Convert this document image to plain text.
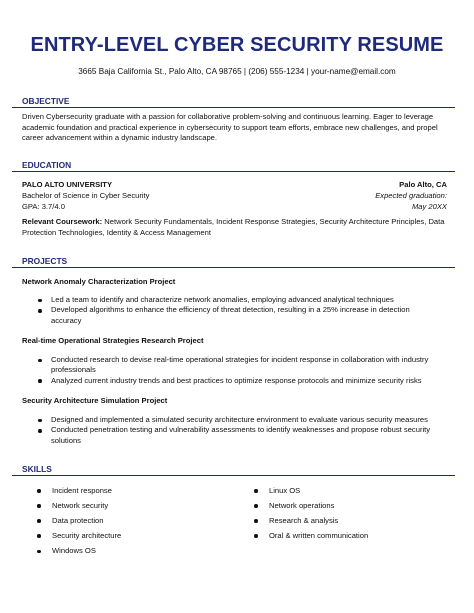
ENTRY-LEVEL CYBER SECURITY RESUME
3665 Baja California St., Palo Alto, CA 98765 | (206) 555-1234 | your-name@email.com
OBJECTIVE
Driven Cybersecurity graduate with a passion for collaborative problem-solving and continuous learning. Eager to leverage academic foundation and practical experience in cybersecurity to support team efforts, embrace new challenges, and propel career advancement within a dynamic industry landscape.
EDUCATION
PALO ALTO UNIVERSITY	Palo Alto, CA
Bachelor of Science in Cyber Security	Expected graduation:
GPA: 3.7/4.0	May 20XX
Relevant Coursework: Network Security Fundamentals, Incident Response Strategies, Security Architecture Principles, Data Protection Technologies, Identity & Access Management
PROJECTS
Network Anomaly Characterization Project
Led a team to identify and characterize network anomalies, employing advanced analytical techniques
Developed algorithms to enhance the efficiency of threat detection, resulting in a 25% increase in detection accuracy
Real-time Operational Strategies Research Project
Conducted research to devise real-time operational strategies for incident response in collaboration with industry professionals
Analyzed current industry trends and best practices to optimize response protocols and minimize security risks
Security Architecture Simulation Project
Designed and implemented a simulated security architecture environment to evaluate various security measures
Conducted penetration testing and vulnerability assessments to identify weaknesses and propose robust security solutions
SKILLS
Incident response
Network security
Data protection
Security architecture
Windows OS
Linux OS
Network operations
Research & analysis
Oral & written communication
